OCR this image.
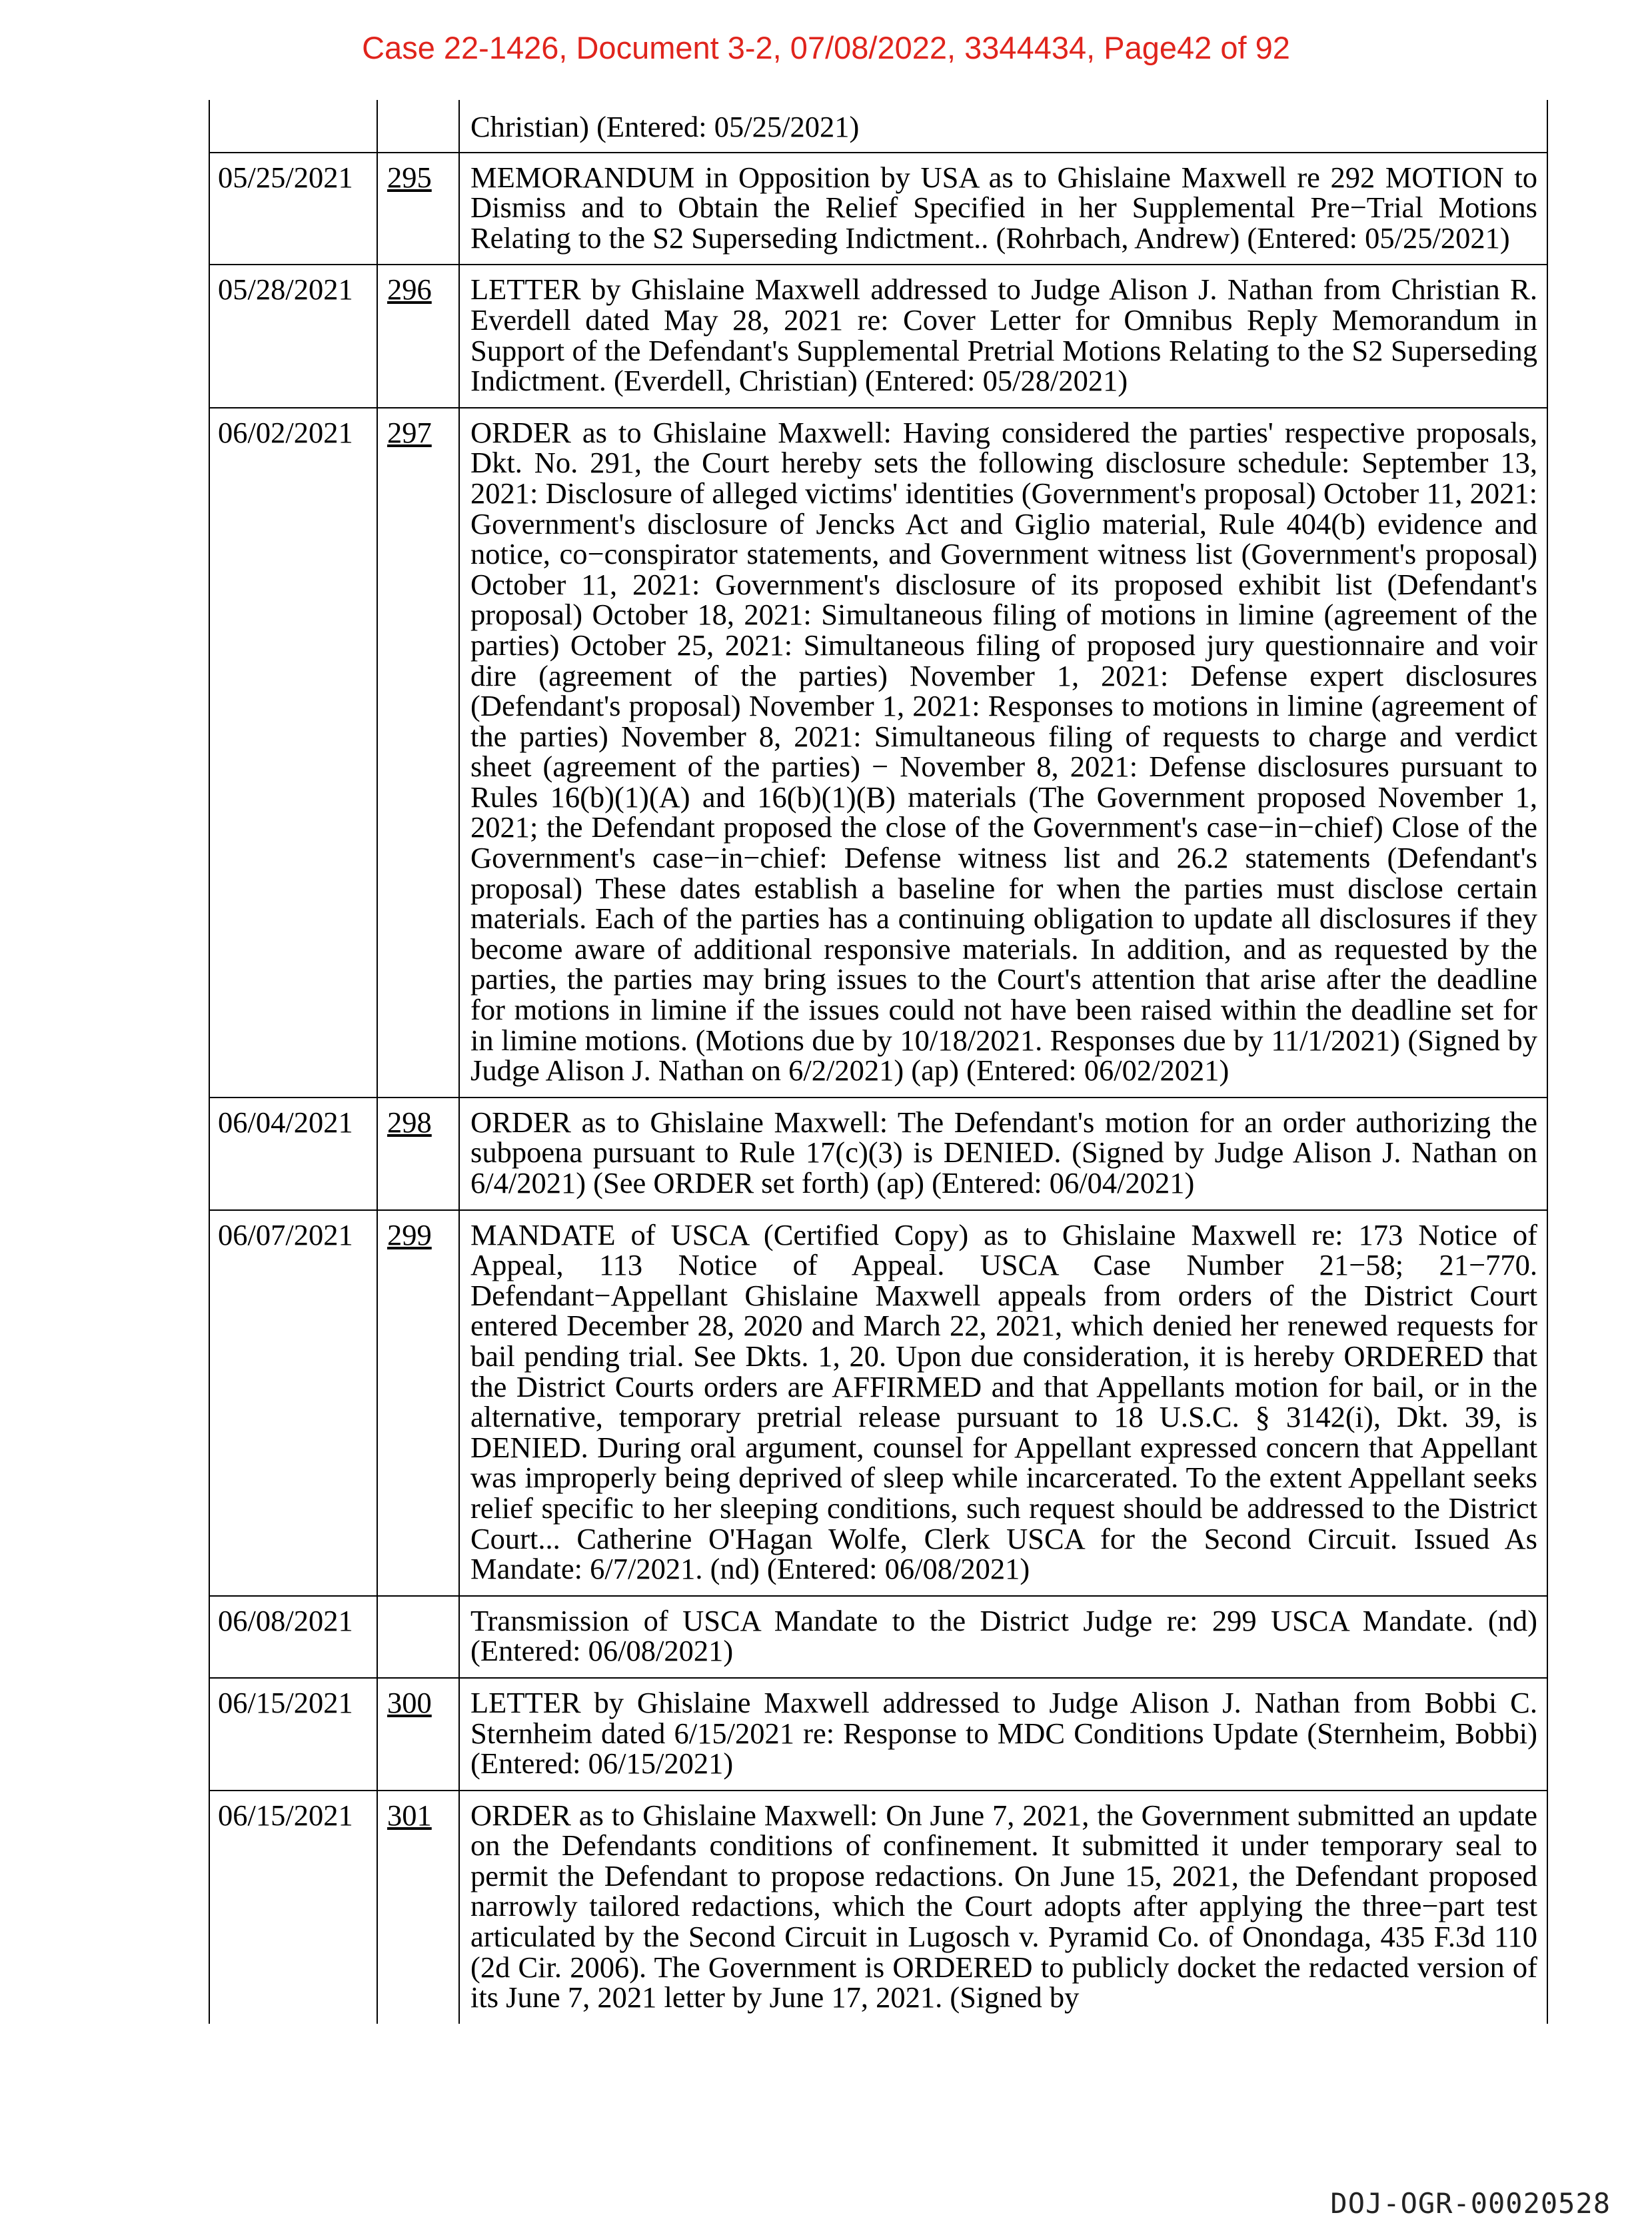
Case 22-1426, Document 3-2, 07/08/2022, 3344434, Page42 of 92
		Christian) (Entered: 05/25/2021)
05/25/2021	295	MEMORANDUM in Opposition by USA as to Ghislaine Maxwell re 292 MOTION to Dismiss and to Obtain the Relief Specified in her Supplemental Pre−Trial Motions Relating to the S2 Superseding Indictment.. (Rohrbach, Andrew) (Entered: 05/25/2021)
05/28/2021	296	LETTER by Ghislaine Maxwell addressed to Judge Alison J. Nathan from Christian R. Everdell dated May 28, 2021 re: Cover Letter for Omnibus Reply Memorandum in Support of the Defendant's Supplemental Pretrial Motions Relating to the S2 Superseding Indictment. (Everdell, Christian) (Entered: 05/28/2021)
06/02/2021	297	ORDER as to Ghislaine Maxwell: Having considered the parties' respective proposals, Dkt. No. 291, the Court hereby sets the following disclosure schedule: September 13, 2021: Disclosure of alleged victims' identities (Government's proposal) October 11, 2021: Government's disclosure of Jencks Act and Giglio material, Rule 404(b) evidence and notice, co−conspirator statements, and Government witness list (Government's proposal) October 11, 2021: Government's disclosure of its proposed exhibit list (Defendant's proposal) October 18, 2021: Simultaneous filing of motions in limine (agreement of the parties) October 25, 2021: Simultaneous filing of proposed jury questionnaire and voir dire (agreement of the parties) November 1, 2021: Defense expert disclosures (Defendant's proposal) November 1, 2021: Responses to motions in limine (agreement of the parties) November 8, 2021: Simultaneous filing of requests to charge and verdict sheet (agreement of the parties) − November 8, 2021: Defense disclosures pursuant to Rules 16(b)(1)(A) and 16(b)(1)(B) materials (The Government proposed November 1, 2021; the Defendant proposed the close of the Government's case−in−chief) Close of the Government's case−in−chief: Defense witness list and 26.2 statements (Defendant's proposal) These dates establish a baseline for when the parties must disclose certain materials. Each of the parties has a continuing obligation to update all disclosures if they become aware of additional responsive materials. In addition, and as requested by the parties, the parties may bring issues to the Court's attention that arise after the deadline for motions in limine if the issues could not have been raised within the deadline set for in limine motions. (Motions due by 10/18/2021. Responses due by 11/1/2021) (Signed by Judge Alison J. Nathan on 6/2/2021) (ap) (Entered: 06/02/2021)
06/04/2021	298	ORDER as to Ghislaine Maxwell: The Defendant's motion for an order authorizing the subpoena pursuant to Rule 17(c)(3) is DENIED. (Signed by Judge Alison J. Nathan on 6/4/2021) (See ORDER set forth) (ap) (Entered: 06/04/2021)
06/07/2021	299	MANDATE of USCA (Certified Copy) as to Ghislaine Maxwell re: 173 Notice of Appeal, 113 Notice of Appeal. USCA Case Number 21−58; 21−770. Defendant−Appellant Ghislaine Maxwell appeals from orders of the District Court entered December 28, 2020 and March 22, 2021, which denied her renewed requests for bail pending trial. See Dkts. 1, 20. Upon due consideration, it is hereby ORDERED that the District Courts orders are AFFIRMED and that Appellants motion for bail, or in the alternative, temporary pretrial release pursuant to 18 U.S.C. § 3142(i), Dkt. 39, is DENIED. During oral argument, counsel for Appellant expressed concern that Appellant was improperly being deprived of sleep while incarcerated. To the extent Appellant seeks relief specific to her sleeping conditions, such request should be addressed to the District Court... Catherine O'Hagan Wolfe, Clerk USCA for the Second Circuit. Issued As Mandate: 6/7/2021. (nd) (Entered: 06/08/2021)
06/08/2021		Transmission of USCA Mandate to the District Judge re: 299 USCA Mandate. (nd) (Entered: 06/08/2021)
06/15/2021	300	LETTER by Ghislaine Maxwell addressed to Judge Alison J. Nathan from Bobbi C. Sternheim dated 6/15/2021 re: Response to MDC Conditions Update (Sternheim, Bobbi) (Entered: 06/15/2021)
06/15/2021	301	ORDER as to Ghislaine Maxwell: On June 7, 2021, the Government submitted an update on the Defendants conditions of confinement. It submitted it under temporary seal to permit the Defendant to propose redactions. On June 15, 2021, the Defendant proposed narrowly tailored redactions, which the Court adopts after applying the three−part test articulated by the Second Circuit in Lugosch v. Pyramid Co. of Onondaga, 435 F.3d 110 (2d Cir. 2006). The Government is ORDERED to publicly docket the redacted version of its June 7, 2021 letter by June 17, 2021. (Signed by
DOJ-OGR-00020528
